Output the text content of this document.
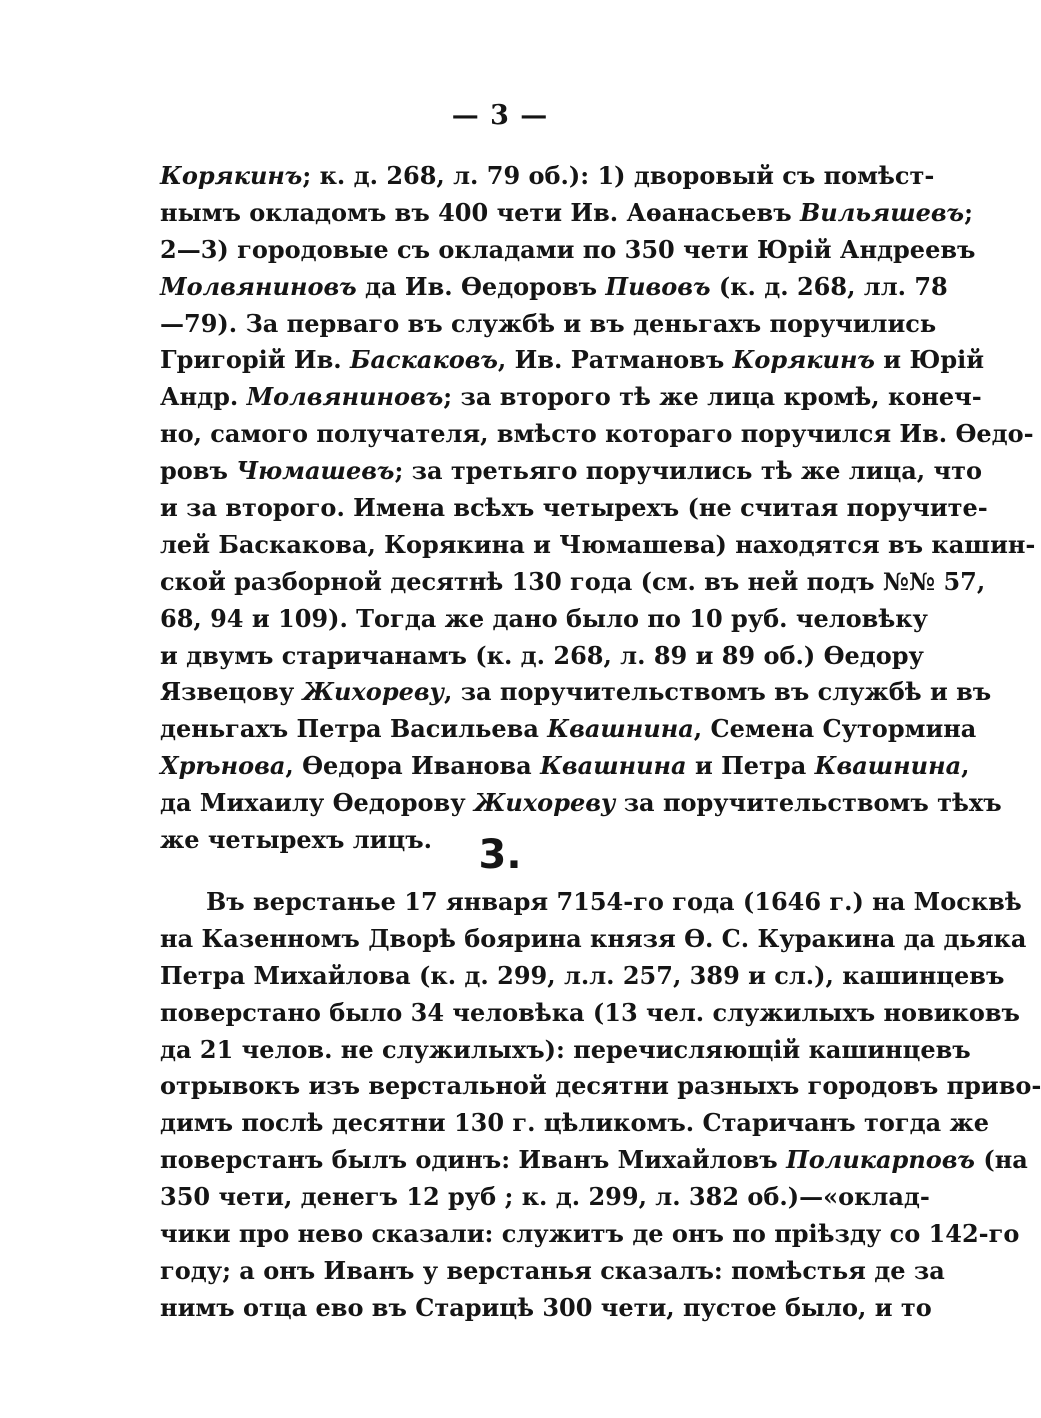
— 3 —
Корякинъ; к. д. 268, л. 79 об.): 1) дворовый съ помѣст-
нымъ окладомъ въ 400 чети Ив. Аѳанасьевъ Вильяшевъ;
2—3) городовые съ окладами по 350 чети Юрій Андреевъ
Молвяниновъ да Ив. Ѳедоровъ Пивовъ (к. д. 268, лл. 78
—79). За перваго въ службѣ и въ деньгахъ поручились
Григорій Ив. Баскаковъ, Ив. Ратмановъ Корякинъ и Юрій
Андр. Молвяниновъ; за второго тѣ же лица кромѣ, конеч-
но, самого получателя, вмѣсто котораго поручился Ив. Ѳедо-
ровъ Чюмашевъ; за третьяго поручились тѣ же лица, что
и за второго. Имена всѣхъ четырехъ (не считая поручите-
лей Баскакова, Корякина и Чюмашева) находятся въ кашин-
ской разборной десятнѣ 130 года (см. въ ней подъ №№ 57,
68, 94 и 109). Тогда же дано было по 10 руб. человѣку
и двумъ старичанамъ (к. д. 268, л. 89 и 89 об.) Ѳедору
Язвецову Жихореву, за поручительствомъ въ службѣ и въ
деньгахъ Петра Васильева Квашнина, Семена Сутормина
Хрѣнова, Ѳедора Иванова Квашнина и Петра Квашнина,
да Михаилу Ѳедорову Жихореву за поручительствомъ тѣхъ
же четырехъ лицъ.	3.
Въ верстанье 17 января 7154-го года (1646 г.) на Москвѣ
на Казенномъ Дворѣ боярина князя Ѳ. С. Куракина да дьяка
Петра Михайлова (к. д. 299, л.л. 257, 389 и сл.), кашинцевъ
поверстано было 34 человѣка (13 чел. служилыхъ новиковъ
да 21 челов. не служилыхъ): перечисляющій кашинцевъ
отрывокъ изъ верстальной десятни разныхъ городовъ приво-
димъ послѣ десятни 130 г. цѣликомъ. Старичанъ тогда же
поверстанъ былъ одинъ: Иванъ Михайловъ Поликарповъ (на
350 чети, денегъ 12 руб ; к. д. 299, л. 382 об.)—«оклад-
чики про нево сказали: служитъ де онъ по пріѣзду со 142-го
году; а онъ Иванъ у верстанья сказалъ: помѣстья де за
нимъ отца ево въ Старицѣ 300 чети, пустое было, и то
